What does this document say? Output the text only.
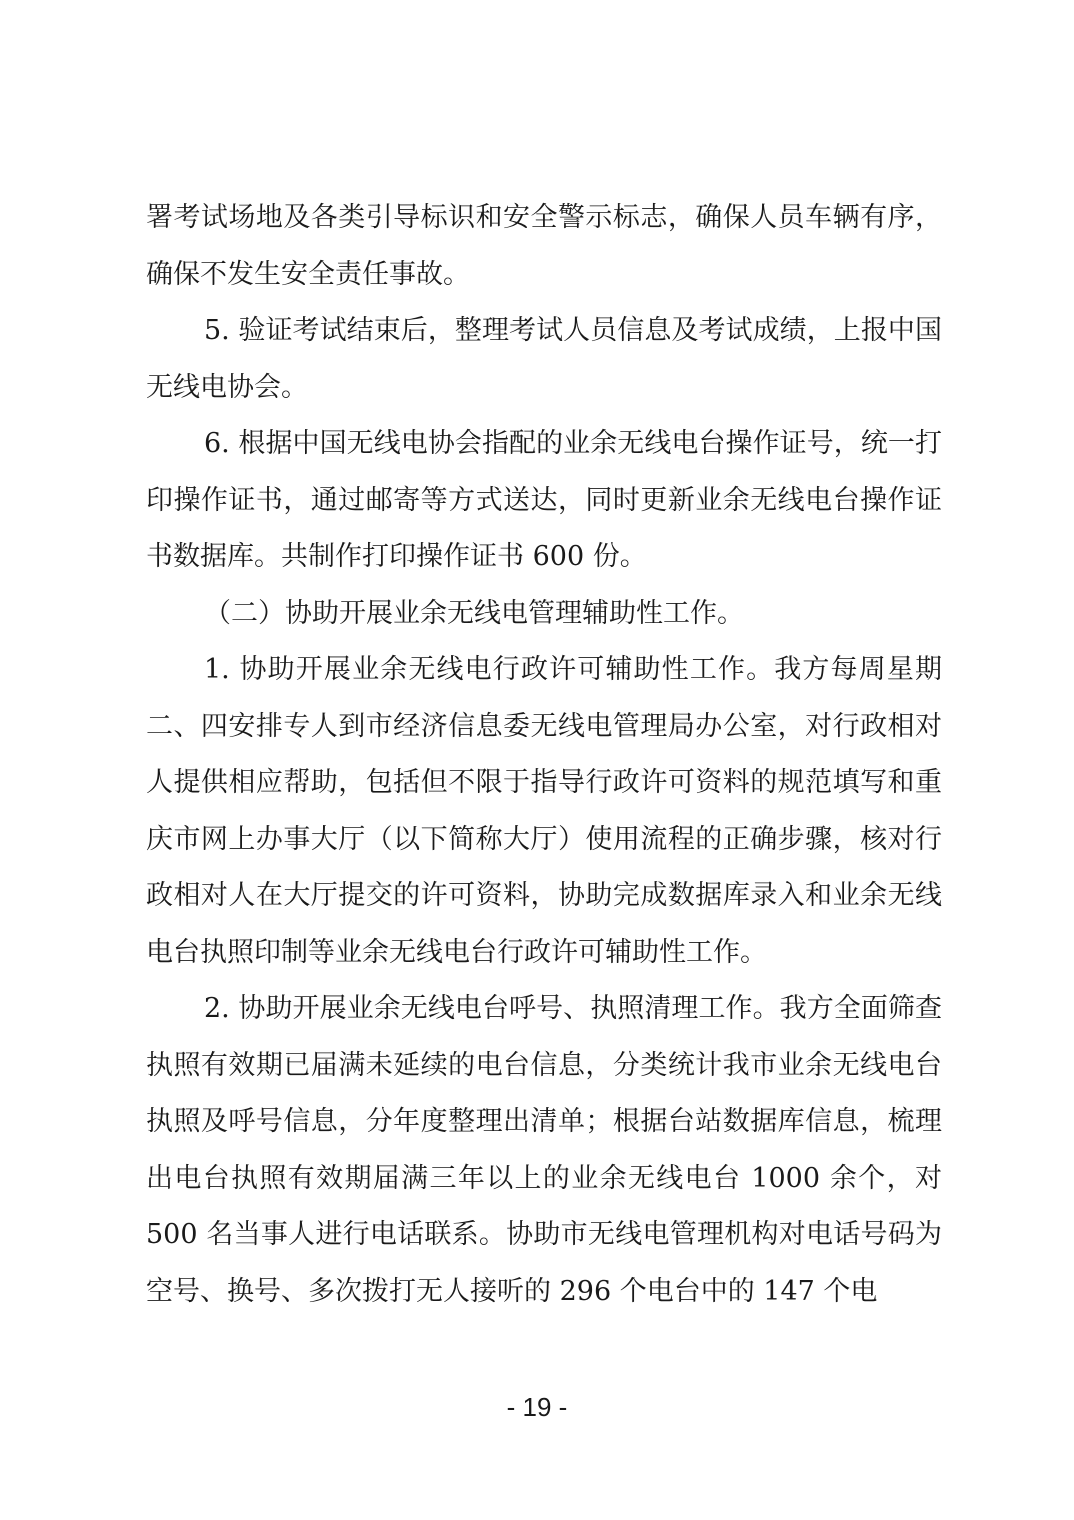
署考试场地及各类引导标识和安全警示标志，确保人员车辆有序，确保不发生安全责任事故。

5. 验证考试结束后，整理考试人员信息及考试成绩，上报中国无线电协会。

6. 根据中国无线电协会指配的业余无线电台操作证号，统一打印操作证书，通过邮寄等方式送达，同时更新业余无线电台操作证书数据库。共制作打印操作证书 600 份。

（二）协助开展业余无线电管理辅助性工作。

1. 协助开展业余无线电行政许可辅助性工作。我方每周星期二、四安排专人到市经济信息委无线电管理局办公室，对行政相对人提供相应帮助，包括但不限于指导行政许可资料的规范填写和重庆市网上办事大厅（以下简称大厅）使用流程的正确步骤，核对行政相对人在大厅提交的许可资料，协助完成数据库录入和业余无线电台执照印制等业余无线电台行政许可辅助性工作。

2. 协助开展业余无线电台呼号、执照清理工作。我方全面筛查执照有效期已届满未延续的电台信息，分类统计我市业余无线电台执照及呼号信息，分年度整理出清单；根据台站数据库信息，梳理出电台执照有效期届满三年以上的业余无线电台 1000 余个，对 500 名当事人进行电话联系。协助市无线电管理机构对电话号码为空号、换号、多次拨打无人接听的 296 个电台中的 147 个电

- 19 -
